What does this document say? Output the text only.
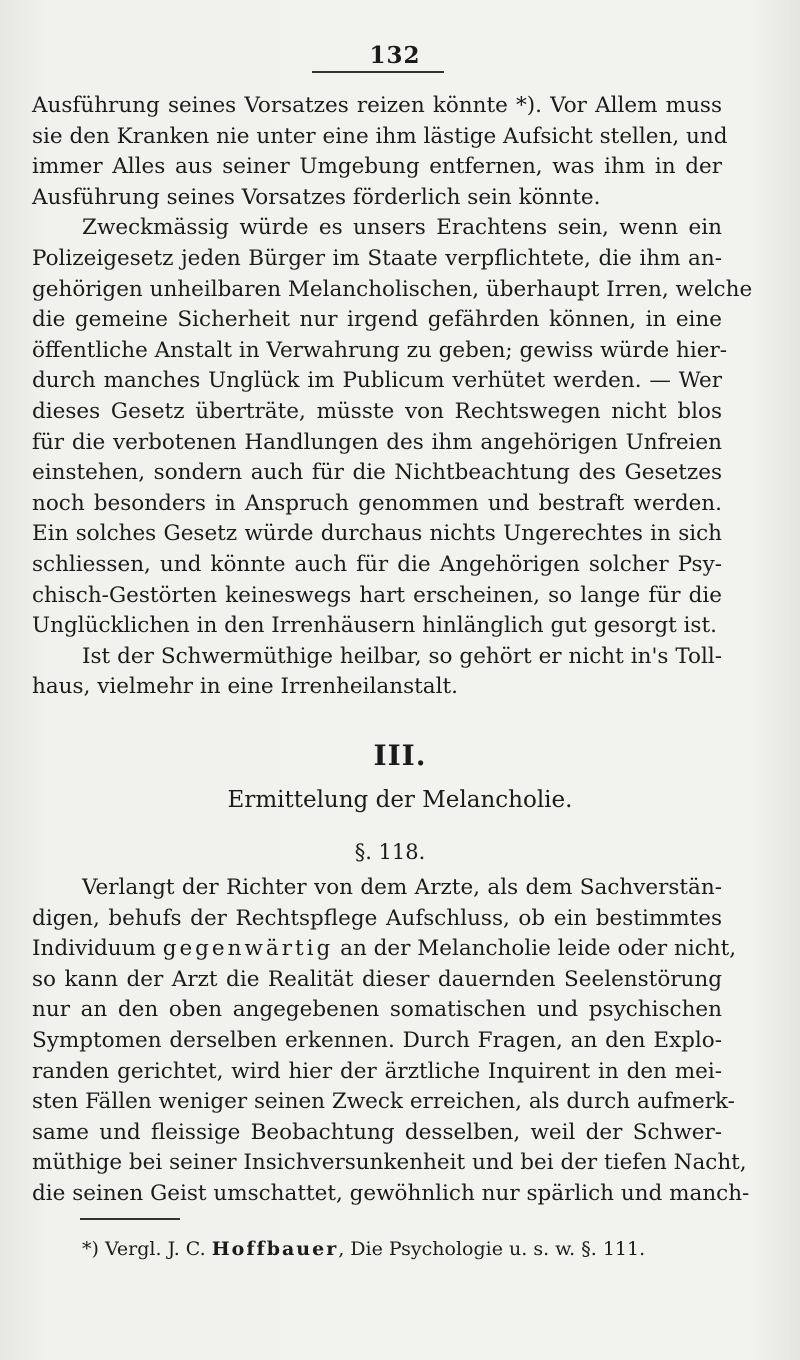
132
Ausführung seines Vorsatzes reizen könnte *). Vor Allem muss
sie den Kranken nie unter eine ihm lästige Aufsicht stellen, und
immer Alles aus seiner Umgebung entfernen, was ihm in der
Ausführung seines Vorsatzes förderlich sein könnte.
Zweckmässig würde es unsers Erachtens sein, wenn ein
Polizeigesetz jeden Bürger im Staate verpflichtete, die ihm an-
gehörigen unheilbaren Melancholischen, überhaupt Irren, welche
die gemeine Sicherheit nur irgend gefährden können, in eine
öffentliche Anstalt in Verwahrung zu geben; gewiss würde hier-
durch manches Unglück im Publicum verhütet werden. — Wer
dieses Gesetz überträte, müsste von Rechtswegen nicht blos
für die verbotenen Handlungen des ihm angehörigen Unfreien
einstehen, sondern auch für die Nichtbeachtung des Gesetzes
noch besonders in Anspruch genommen und bestraft werden.
Ein solches Gesetz würde durchaus nichts Ungerechtes in sich
schliessen, und könnte auch für die Angehörigen solcher Psy-
chisch-Gestörten keineswegs hart erscheinen, so lange für die
Unglücklichen in den Irrenhäusern hinlänglich gut gesorgt ist.
Ist der Schwermüthige heilbar, so gehört er nicht in's Toll-
haus, vielmehr in eine Irrenheilanstalt.
III.
Ermittelung der Melancholie.
§. 118.
Verlangt der Richter von dem Arzte, als dem Sachverstän-
digen, behufs der Rechtspflege Aufschluss, ob ein bestimmtes
Individuum gegenwärtig an der Melancholie leide oder nicht,
so kann der Arzt die Realität dieser dauernden Seelenstörung
nur an den oben angegebenen somatischen und psychischen
Symptomen derselben erkennen. Durch Fragen, an den Explo-
randen gerichtet, wird hier der ärztliche Inquirent in den mei-
sten Fällen weniger seinen Zweck erreichen, als durch aufmerk-
same und fleissige Beobachtung desselben, weil der Schwer-
müthige bei seiner Insichversunkenheit und bei der tiefen Nacht,
die seinen Geist umschattet, gewöhnlich nur spärlich und manch-
*) Vergl. J. C. Hoffbauer, Die Psychologie u. s. w. §. 111.
